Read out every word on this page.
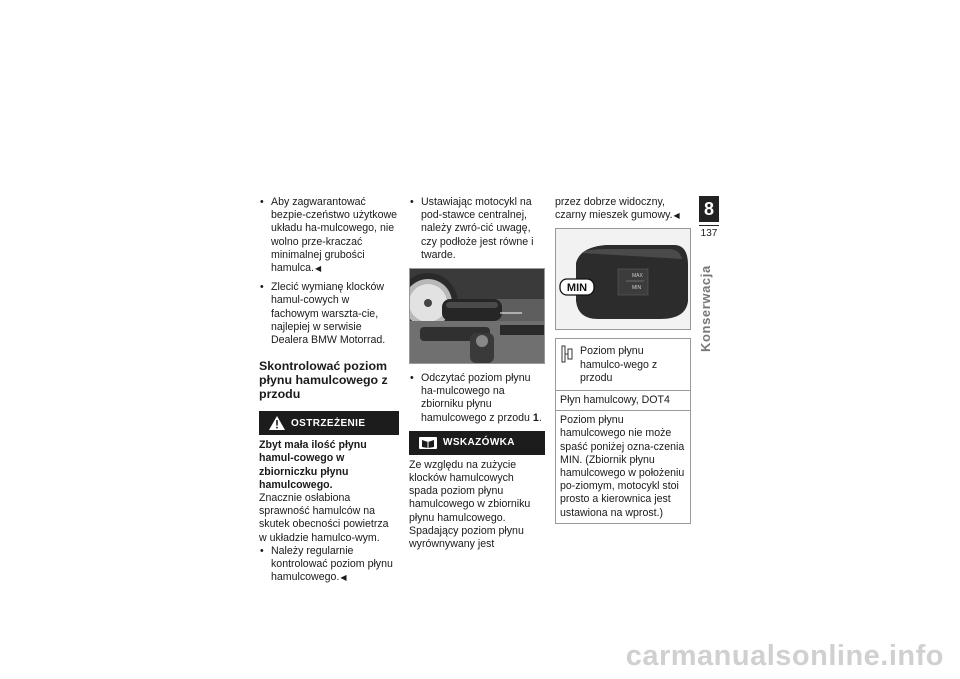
• Aby zagwarantować bezpie-czeństwo użytkowe układu ha-mulcowego, nie wolno prze-kraczać minimalnej grubości hamulca.◀
• Zlecić wymianę klocków hamul-cowych w fachowym warszta-cie, najlepiej w serwisie Dealera BMW Motorrad.
Skontrolować poziom płynu hamulcowego z przodu
OSTRZEŻENIE

Zbyt mała ilość płynu hamul-cowego w zbiorniczku płynu hamulcowego.

Znacznie osłabiona sprawność hamulców na skutek obecności powietrza w układzie hamulco-wym.

• Należy regularnie kontrolować poziom płynu hamulcowego.◀
• Ustawiając motocykl na pod-stawce centralnej, należy zwró-cić uwagę, czy podłoże jest równe i twarde.
• Odczytać poziom płynu ha-mulcowego na zbiorniku płynu hamulcowego z przodu 1.
WSKAZÓWKA

Ze względu na zużycie klocków hamulcowych spada poziom płynu hamulcowego w zbiorniku płynu hamulcowego. Spadający poziom płynu wyrównywany jest

przez dobrze widoczny, czarny mieszek gumowy.◀

MAX
MIN
MIN
Poziom płynu hamulco-wego z przodu
Płyn hamulcowy, DOT4
Poziom płynu hamulcowego nie może spaść poniżej ozna-czenia MIN. (Zbiornik płynu hamulcowego w położeniu po-ziomym, motocykl stoi prosto a kierownica jest ustawiona na wprost.)
8
137
Konserwacja
carmanualsonline.info
